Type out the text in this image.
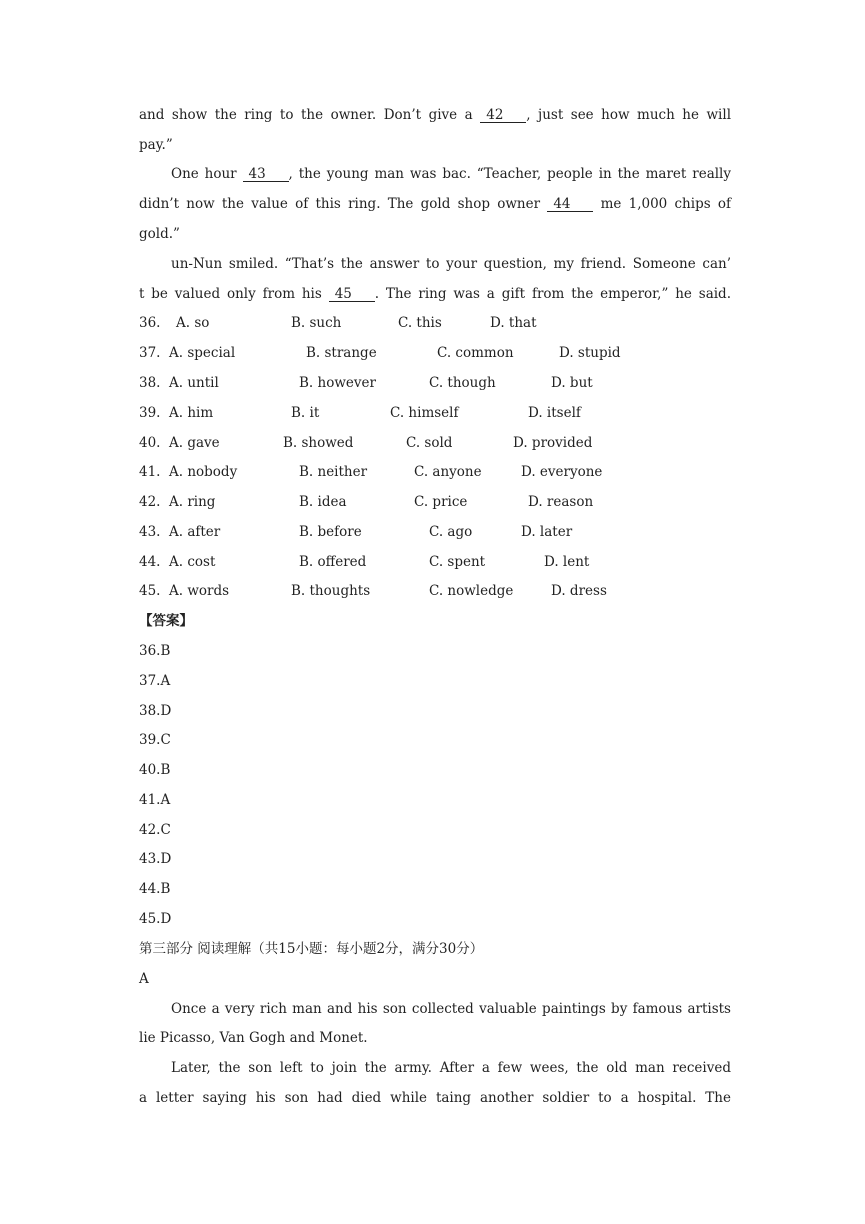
and show the ring to the owner. Don’t give a 42 , just see how much he will
pay.”
One hour 43 , the young man was bac. “Teacher, people in the maret really
didn’t now the value of this ring. The gold shop owner 44 me 1,000 chips of
gold.”
un-Nun smiled. “That’s the answer to your question, my friend. Someone can’
t be valued only from his 45 . The ring was a gift from the emperor,” he said.
36. A. so	B. such	C. this	D. that
37. A. special	B. strange	C. common	D. stupid
38. A. until	B. however	C. though	D. but
39. A. him	B. it	C. himself	D. itself
40. A. gave	B. showed	C. sold	D. provided
41. A. nobody	B. neither	C. anyone	D. everyone
42. A. ring	B. idea	C. price	D. reason
43. A. after	B. before	C. ago	D. later
44. A. cost	B. offered	C. spent	D. lent
45. A. words	B. thoughts	C. nowledge	D. dress
【答案】
36.B
37.A
38.D
39.C
40.B
41.A
42.C
43.D
44.B
45.D
第三部分 阅读理解（共15小题：每小题2分，满分30分）
A
Once a very rich man and his son collected valuable paintings by famous artists
lie Picasso, Van Gogh and Monet.
Later, the son left to join the army. After a few wees, the old man received
a letter saying his son had died while taing another soldier to a hospital. The
